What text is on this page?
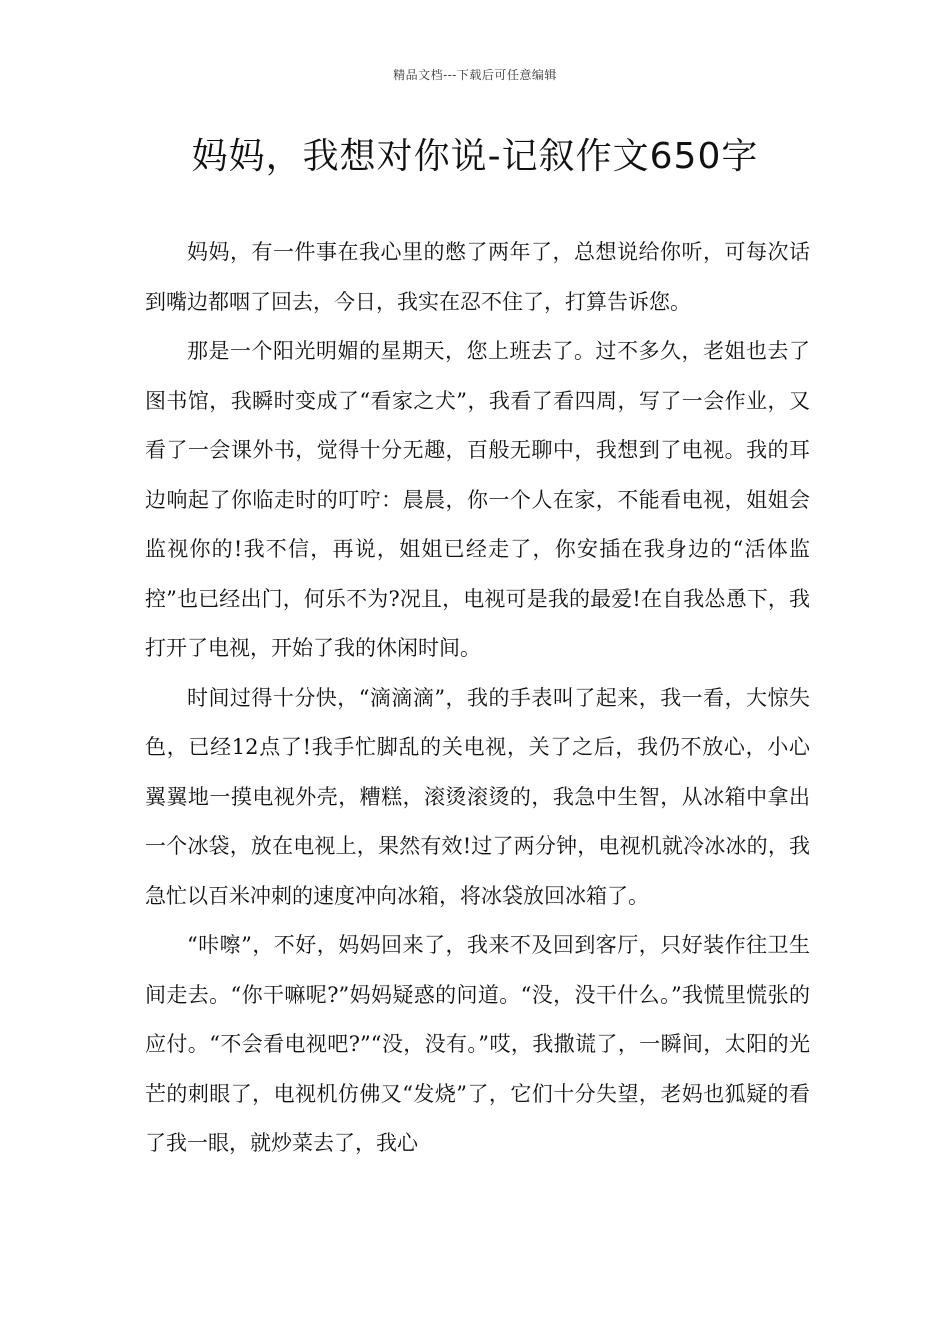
精品文档---下载后可任意编辑
妈妈，我想对你说-记叙作文650字

妈妈，有一件事在我心里的憋了两年了，总想说给你听，可每次话到嘴边都咽了回去，今日，我实在忍不住了，打算告诉您。

那是一个阳光明媚的星期天，您上班去了。过不多久，老姐也去了图书馆，我瞬时变成了“看家之犬”，我看了看四周，写了一会作业，又看了一会课外书，觉得十分无趣，百般无聊中，我想到了电视。我的耳边响起了你临走时的叮咛：晨晨，你一个人在家，不能看电视，姐姐会监视你的!我不信，再说，姐姐已经走了，你安插在我身边的“活体监控”也已经出门，何乐不为?况且，电视可是我的最爱!在自我怂恿下，我打开了电视，开始了我的休闲时间。

时间过得十分快，“滴滴滴”，我的手表叫了起来，我一看，大惊失色，已经12点了!我手忙脚乱的关电视，关了之后，我仍不放心，小心翼翼地一摸电视外壳，糟糕，滚烫滚烫的，我急中生智，从冰箱中拿出一个冰袋，放在电视上，果然有效!过了两分钟，电视机就冷冰冰的，我急忙以百米冲刺的速度冲向冰箱，将冰袋放回冰箱了。

“咔嚓”，不好，妈妈回来了，我来不及回到客厅，只好装作往卫生间走去。“你干嘛呢?”妈妈疑惑的问道。“没，没干什么。”我慌里慌张的应付。“不会看电视吧?”“没，没有。”哎，我撒谎了，一瞬间，太阳的光芒的刺眼了，电视机仿佛又“发烧”了，它们十分失望，老妈也狐疑的看了我一眼，就炒菜去了，我心
